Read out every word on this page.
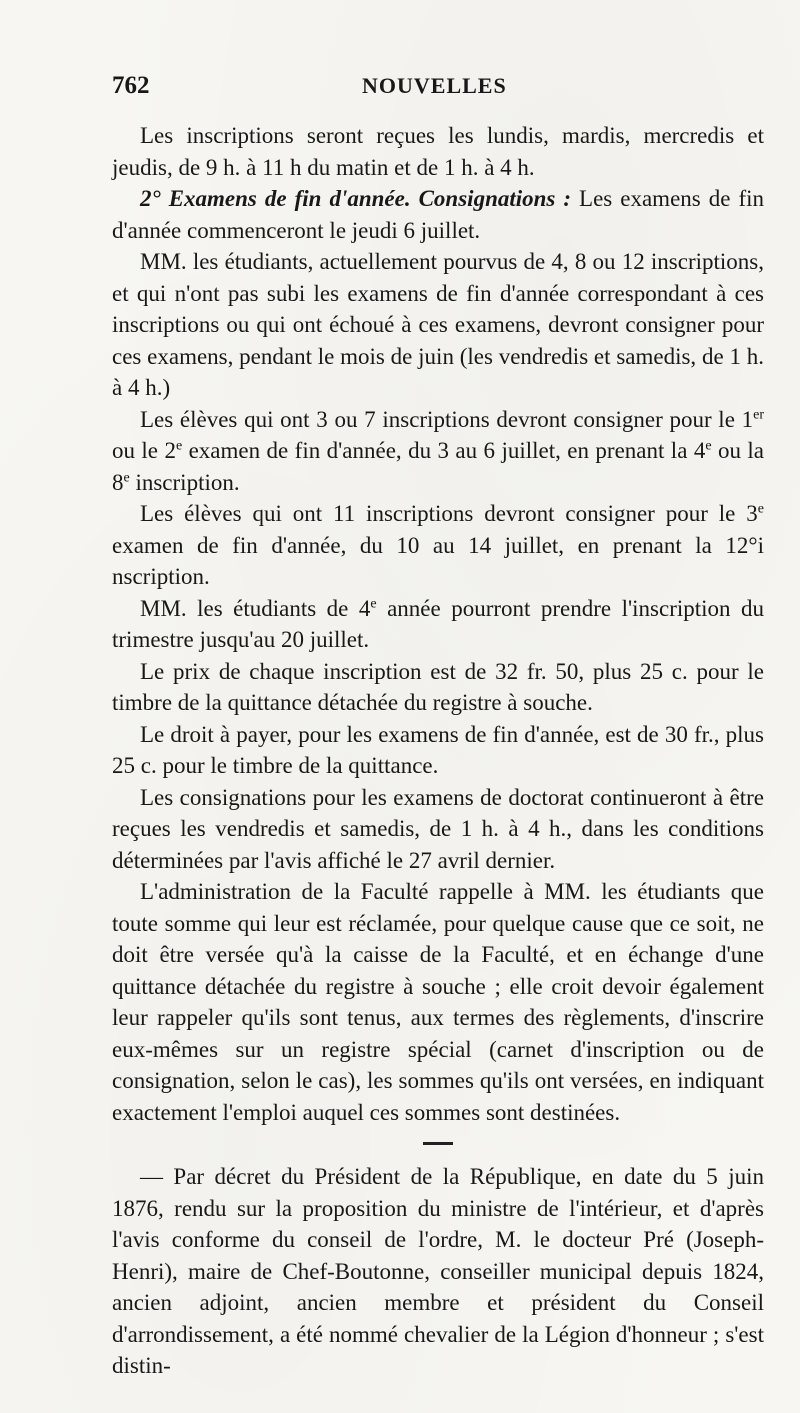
762	NOUVELLES

Les inscriptions seront reçues les lundis, mardis, mercredis et jeudis, de 9 h. à 11 h du matin et de 1 h. à 4 h.

2° Examens de fin d'année. Consignations : Les examens de fin d'année commenceront le jeudi 6 juillet.

MM. les étudiants, actuellement pourvus de 4, 8 ou 12 inscriptions, et qui n'ont pas subi les examens de fin d'année correspondant à ces inscriptions ou qui ont échoué à ces examens, devront consigner pour ces examens, pendant le mois de juin (les vendredis et samedis, de 1 h. à 4 h.)

Les élèves qui ont 3 ou 7 inscriptions devront consigner pour le 1er ou le 2e examen de fin d'année, du 3 au 6 juillet, en prenant la 4e ou la 8e inscription.

Les élèves qui ont 11 inscriptions devront consigner pour le 3e examen de fin d'année, du 10 au 14 juillet, en prenant la 12°i nscription.

MM. les étudiants de 4e année pourront prendre l'inscription du trimestre jusqu'au 20 juillet.

Le prix de chaque inscription est de 32 fr. 50, plus 25 c. pour le timbre de la quittance détachée du registre à souche.

Le droit à payer, pour les examens de fin d'année, est de 30 fr., plus 25 c. pour le timbre de la quittance.

Les consignations pour les examens de doctorat continueront à être reçues les vendredis et samedis, de 1 h. à 4 h., dans les conditions déterminées par l'avis affiché le 27 avril dernier.

L'administration de la Faculté rappelle à MM. les étudiants que toute somme qui leur est réclamée, pour quelque cause que ce soit, ne doit être versée qu'à la caisse de la Faculté, et en échange d'une quittance détachée du registre à souche ; elle croit devoir également leur rappeler qu'ils sont tenus, aux termes des règlements, d'inscrire eux-mêmes sur un registre spécial (carnet d'inscription ou de consignation, selon le cas), les sommes qu'ils ont versées, en indiquant exactement l'emploi auquel ces sommes sont destinées.

— Par décret du Président de la République, en date du 5 juin 1876, rendu sur la proposition du ministre de l'intérieur, et d'après l'avis conforme du conseil de l'ordre, M. le docteur Pré (Joseph-Henri), maire de Chef-Boutonne, conseiller municipal depuis 1824, ancien adjoint, ancien membre et président du Conseil d'arrondissement, a été nommé chevalier de la Légion d'honneur ; s'est distin-
